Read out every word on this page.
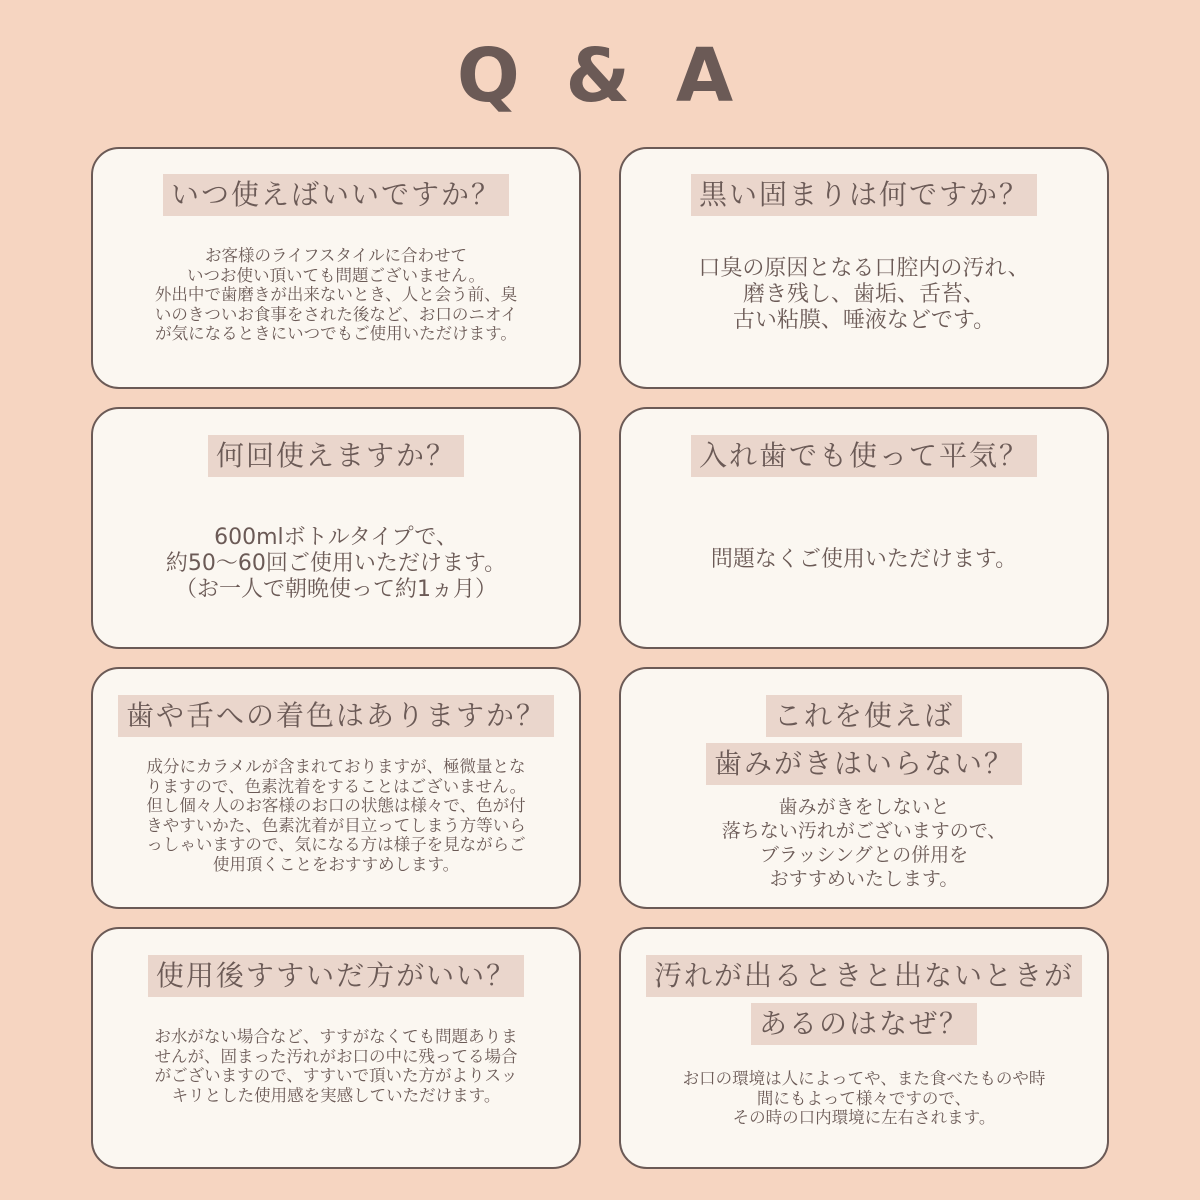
Q & A
いつ使えばいいですか？
お客様のライフスタイルに合わせて
いつお使い頂いても問題ございません。
外出中で歯磨きが出来ないとき、人と会う前、臭
いのきついお食事をされた後など、お口のニオイ
が気になるときにいつでもご使用いただけます。
黒い固まりは何ですか？
口臭の原因となる口腔内の汚れ、
磨き残し、歯垢、舌苔、
古い粘膜、唾液などです。
何回使えますか？
600mlボトルタイプで、
約50〜60回ご使用いただけます。
（お一人で朝晩使って約1ヵ月）
入れ歯でも使って平気？
問題なくご使用いただけます。
歯や舌への着色はありますか？
成分にカラメルが含まれておりますが、極微量とな
りますので、色素沈着をすることはございません。
但し個々人のお客様のお口の状態は様々で、色が付
きやすいかた、色素沈着が目立ってしまう方等いら
っしゃいますので、気になる方は様子を見ながらご
使用頂くことをおすすめします。
これを使えば
歯みがきはいらない？
歯みがきをしないと
落ちない汚れがございますので、
ブラッシングとの併用を
おすすめいたします。
使用後すすいだ方がいい？
お水がない場合など、すすがなくても問題ありま
せんが、固まった汚れがお口の中に残ってる場合
がございますので、すすいで頂いた方がよりスッ
キリとした使用感を実感していただけます。
汚れが出るときと出ないときが
あるのはなぜ？
お口の環境は人によってや、また食べたものや時
間にもよって様々ですので、
その時の口内環境に左右されます。
